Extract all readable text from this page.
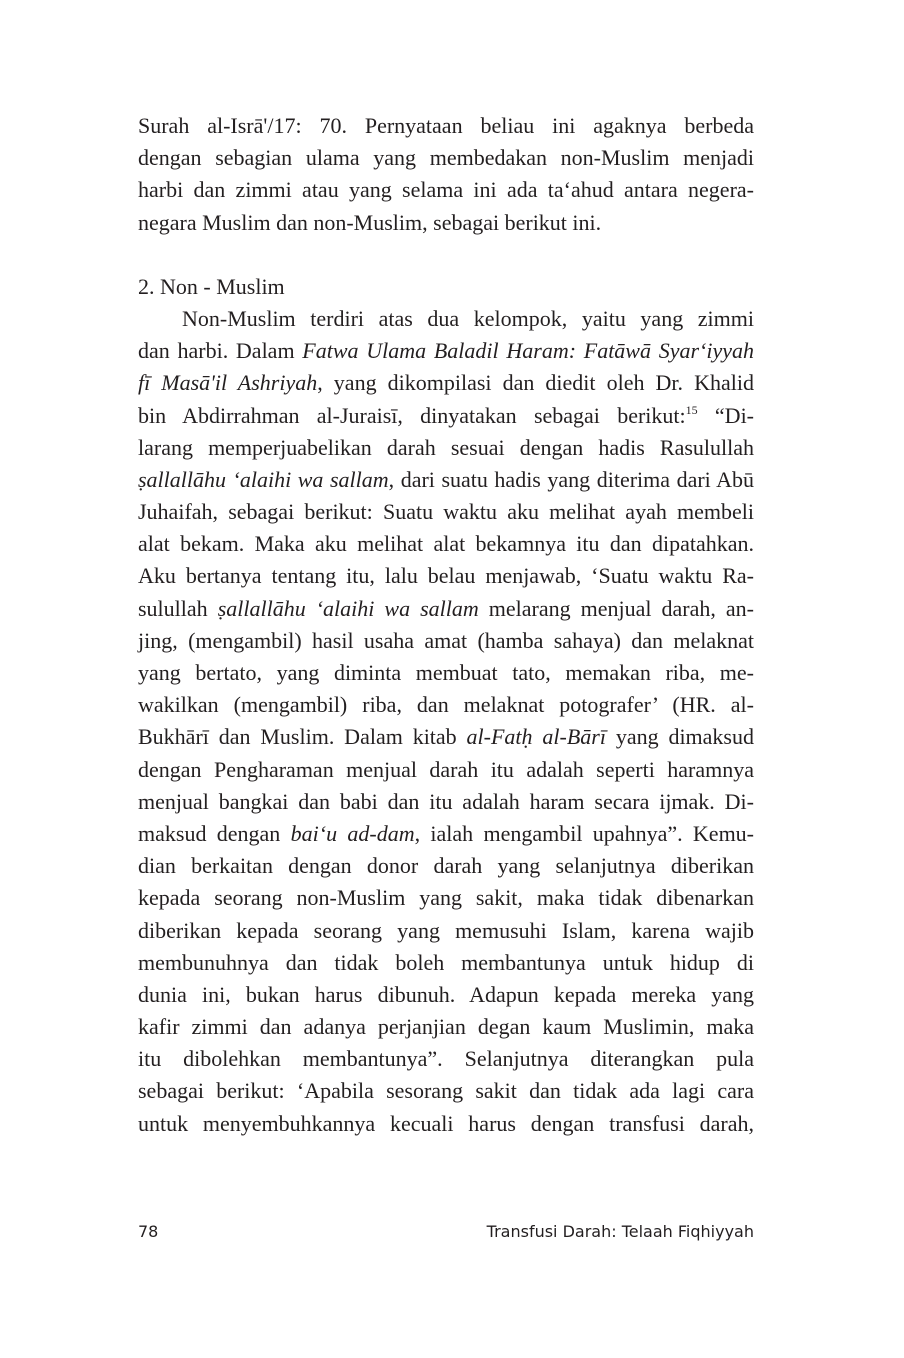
Surah al-Isrā'/17: 70. Pernyataan beliau ini agaknya berbeda
dengan sebagian ulama yang membedakan non-Muslim menjadi
harbi dan zimmi atau yang selama ini ada ta‘ahud antara negera-
negara Muslim dan non-Muslim, sebagai berikut ini.
2. Non - Muslim
Non-Muslim terdiri atas dua kelompok, yaitu yang zimmi
dan harbi. Dalam Fatwa Ulama Baladil Haram: Fatāwā Syar‘iyyah
fī Masā'il Ashriyah, yang dikompilasi dan diedit oleh Dr. Khalid
bin Abdirrahman al-Juraisī, dinyatakan sebagai berikut:$^{15}$ “Di-
larang memperjuabelikan darah sesuai dengan hadis Rasulullah
ṣallallāhu ‘alaihi wa sallam, dari suatu hadis yang diterima dari Abū
Juhaifah, sebagai berikut: Suatu waktu aku melihat ayah membeli
alat bekam. Maka aku melihat alat bekamnya itu dan dipatahkan.
Aku bertanya tentang itu, lalu belau menjawab, ‘Suatu waktu Ra-
sulullah ṣallallāhu ‘alaihi wa sallam melarang menjual darah, an-
jing, (mengambil) hasil usaha amat (hamba sahaya) dan melaknat
yang bertato, yang diminta membuat tato, memakan riba, me-
wakilkan (mengambil) riba, dan melaknat potografer’ (HR. al-
Bukhārī dan Muslim. Dalam kitab al-Fatḥ al-Bārī yang dimaksud
dengan Pengharaman menjual darah itu adalah seperti haramnya
menjual bangkai dan babi dan itu adalah haram secara ijmak. Di-
maksud dengan bai‘u ad-dam, ialah mengambil upahnya”. Kemu-
dian berkaitan dengan donor darah yang selanjutnya diberikan
kepada seorang non-Muslim yang sakit, maka tidak dibenarkan
diberikan kepada seorang yang memusuhi Islam, karena wajib
membunuhnya dan tidak boleh membantunya untuk hidup di
dunia ini, bukan harus dibunuh. Adapun kepada mereka yang
kafir zimmi dan adanya perjanjian degan kaum Muslimin, maka
itu dibolehkan membantunya”. Selanjutnya diterangkan pula
sebagai berikut: ‘Apabila sesorang sakit dan tidak ada lagi cara
untuk menyembuhkannya kecuali harus dengan transfusi darah,
78	Transfusi Darah: Telaah Fiqhiyyah
